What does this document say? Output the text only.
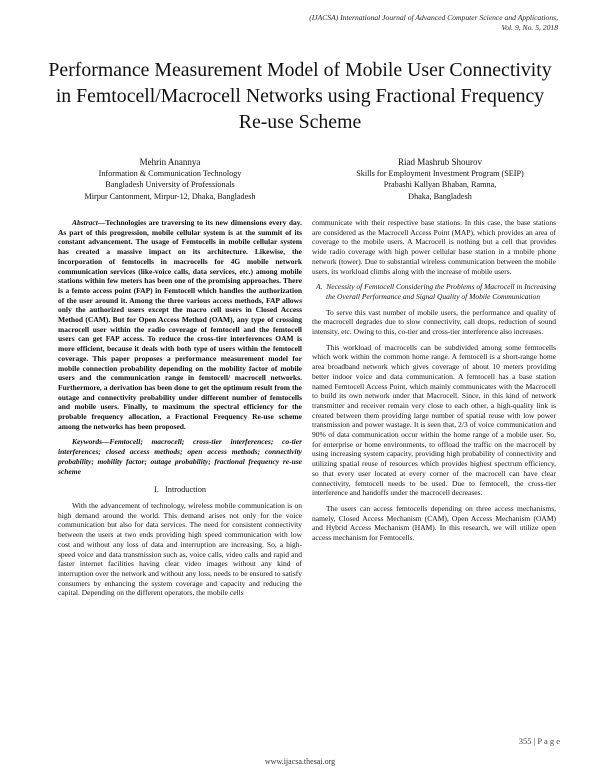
(IJACSA) International Journal of Advanced Computer Science and Applications,
Vol. 9, No. 5, 2018
Performance Measurement Model of Mobile User Connectivity in Femtocell/Macrocell Networks using Fractional Frequency Re-use Scheme
Mehrin Anannya
Information & Communication Technology
Bangladesh University of Professionals
Mirpur Cantonment, Mirpur-12, Dhaka, Bangladesh
Riad Mashrub Shourov
Skills for Employment Investment Program (SEIP)
Prabashi Kallyan Bhaban, Ramna,
Dhaka, Bangladesh

Abstract—Technologies are traversing to its new dimensions every day. As part of this progression, mobile cellular system is at the summit of its constant advancement. The usage of Femtocells in mobile cellular system has created a massive impact on its architecture. Likewise, the incorporation of femtocells in macrocells for 4G mobile network communication services (like-voice calls, data services, etc.) among mobile stations within few meters has been one of the promising approaches. There is a femto access point (FAP) in Femtocell which handles the authorization of the user around it. Among the three various access methods, FAP allows only the authorized users except the macro cell users in Closed Access Method (CAM). But for Open Access Method (OAM), any type of crossing macrocell user within the radio coverage of femtocell and the femtocell users can get FAP access. To reduce the cross-tier interferences OAM is more efficient, because it deals with both type of users within the femtocell coverage. This paper proposes a performance measurement model for mobile connection probability depending on the mobility factor of mobile users and the communication range in femtocell/ macrocell networks. Furthermore, a derivation has been done to get the optimum result from the outage and connectivity probability under different number of femtocells and mobile users. Finally, to maximum the spectral efficiency for the probable frequency allocation, a Fractional Frequency Re-use scheme among the networks has been proposed.

Keywords—Femtocell; macrocell; cross-tier interferences; co-tier interferences; closed access methods; open access methods; connectivity probability; mobility factor; outage probability; fractional frequency re-use scheme

I. Introduction

With the advancement of technology, wireless mobile communication is on high demand around the world. This demand arises not only for the voice communication but also for data services. The need for consistent connectivity between the users at two ends providing high speed communication with low cost and without any loss of data and interruption are increasing. So, a high-speed voice and data transmission such as, voice calls, video calls and rapid and faster internet facilities having clear video images without any kind of interruption over the network and without any loss, needs to be ensured to satisfy consumers by enhancing the system coverage and capacity and reducing the capital. Depending on the different operators, the mobile cells

communicate with their respective base stations. In this case, the base stations are considered as the Macrocell Access Point (MAP), which provides an area of coverage to the mobile users. A Macrocell is nothing but a cell that provides wide radio coverage with high power cellular base station in a mobile phone network (tower). Due to substantial wireless communication between the mobile users, its workload climbs along with the increase of mobile users.

A. Necessity of Femtocell Considering the Problems of Macrocell in Increasing the Overall Performance and Signal Quality of Mobile Communication

To serve this vast number of mobile users, the performance and quality of the macrocell degrades due to slow connectivity, call drops, reduction of sound intensity, etc. Owing to this, co-tier and cross-tier interference also increases.

This workload of macrocells can be subdivided among some femtocells which work within the common home range. A femtocell is a short-range home area broadband network which gives coverage of about 10 meters providing better indoor voice and data communication. A femtocell has a base station named Femtocell Access Point, which mainly communicates with the Macrocell to build its own network under that Macrocell. Since, in this kind of network transmitter and receiver remain very close to each other, a high-quality link is created between them providing large number of spatial reuse with low power transmission and power wastage. It is seen that, 2/3 of voice communication and 90% of data communication occur within the home range of a mobile user. So, for enterprise or home environments, to offload the traffic on the macrocell by using increasing system capacity, providing high probability of connectivity and utilizing spatial reuse of resources which provides highest spectrum efficiency, so that every user located at every corner of the macrocell can have clear connectivity, femtocell needs to be used. Due to femtocell, the cross-tier interference and handoffs under the macrocell decreases.

The users can access femtocells depending on three access mechanisms, namely, Closed Access Mechanism (CAM), Open Access Mechanism (OAM) and Hybrid Access Mechanism (HAM). In this research, we will utilize open access mechanism for Femtocells.

355 | P a g e
www.ijacsa.thesai.org
